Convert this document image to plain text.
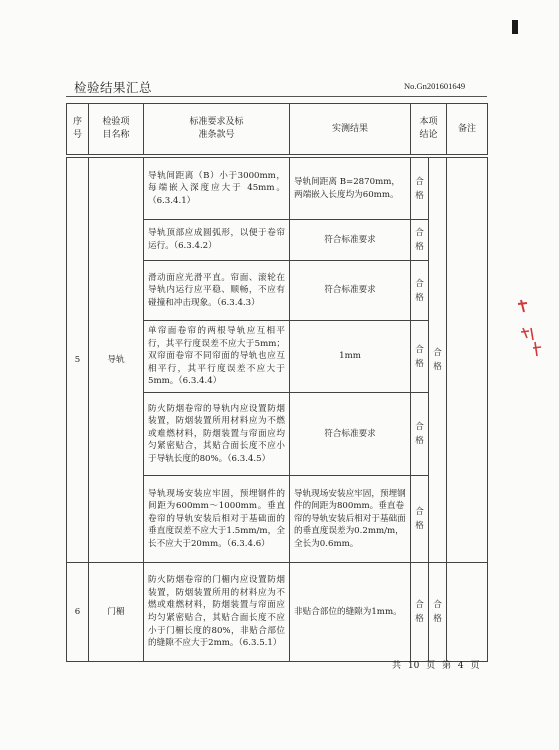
检验结果汇总	No.Gn201601649
序号	检验项目名称	标准要求及标准条款号	实测结果	本项结论		备注

5	导轨	导轨间距离（B）小于3000mm，每端嵌入深度应大于 45mm。（6.3.4.1）	导轨间距离 B=2870mm，两端嵌入长度均为60mm。	合格	合格	
		导轨顶部应成圆弧形，以便于卷帘运行。（6.3.4.2）	符合标准要求	合格		
		滑动面应光滑平直。帘面、滚轮在导轨内运行应平稳、顺畅，不应有碰撞和冲击现象。（6.3.4.3）	符合标准要求	合格		
		单帘面卷帘的两根导轨应互相平行，其平行度误差不应大于5mm；双帘面卷帘不同帘面的导轨也应互相平行，其平行度误差不应大于5mm。（6.3.4.4）	1mm	合格		
		防火防烟卷帘的导轨内应设置防烟装置，防烟装置所用材料应为不燃或难燃材料，防烟装置与帘面应均匀紧密贴合，其贴合面长度不应小于导轨长度的80%。（6.3.4.5）	符合标准要求	合格		
		导轨现场安装应牢固，预埋钢件的间距为600mm～1000mm。垂直卷帘的导轨安装后相对于基础面的垂直度误差不应大于1.5mm/m，全长不应大于20mm。（6.3.4.6）	导轨现场安装应牢固，预埋钢件的间距为800mm。垂直卷帘的导轨安装后相对于基础面的垂直度误差为0.2mm/m，全长为0.6mm。	合格		
6	门楣	防火防烟卷帘的门楣内应设置防烟装置，防烟装置所用的材料应为不燃或难燃材料，防烟装置与帘面应均匀紧密贴合，其贴合面长度不应小于门楣长度的80%，非贴合部位的缝隙不应大于2mm。（6.3.5.1）	非贴合部位的缝隙为1mm。	合格	合格	
共 10 页 第 4 页
